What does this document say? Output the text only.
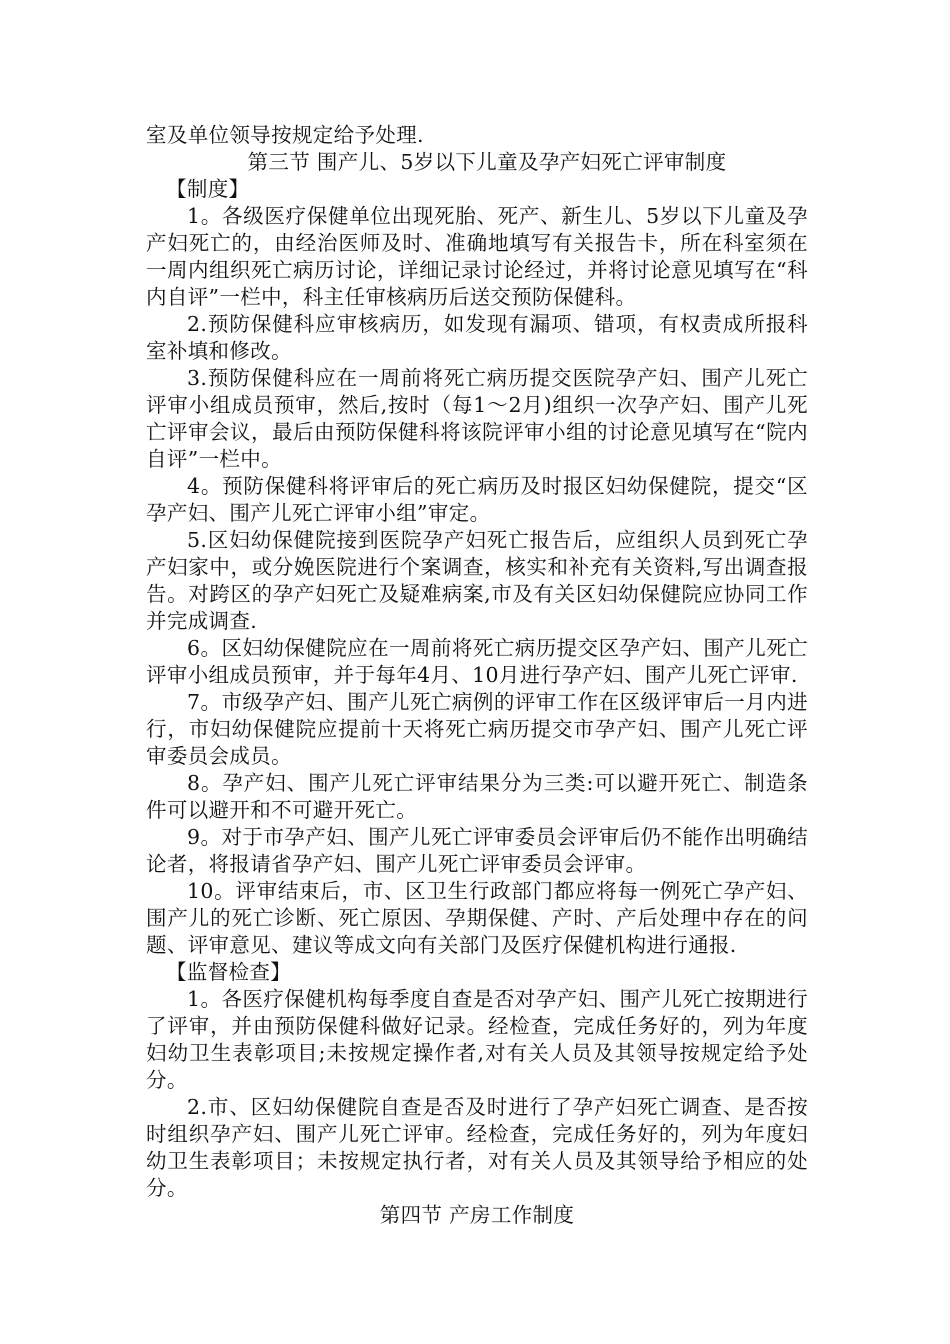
室及单位领导按规定给予处理.

第三节 围产儿、5岁以下儿童及孕产妇死亡评审制度

【制度】

1。各级医疗保健单位出现死胎、死产、新生儿、5岁以下儿童及孕产妇死亡的，由经治医师及时、准确地填写有关报告卡，所在科室须在一周内组织死亡病历讨论，详细记录讨论经过，并将讨论意见填写在“科内自评”一栏中，科主任审核病历后送交预防保健科。

2.预防保健科应审核病历，如发现有漏项、错项，有权责成所报科室补填和修改。

3.预防保健科应在一周前将死亡病历提交医院孕产妇、围产儿死亡评审小组成员预审，然后,按时（每1～2月)组织一次孕产妇、围产儿死亡评审会议，最后由预防保健科将该院评审小组的讨论意见填写在“院内自评”一栏中。

4。预防保健科将评审后的死亡病历及时报区妇幼保健院，提交“区孕产妇、围产儿死亡评审小组”审定。

5.区妇幼保健院接到医院孕产妇死亡报告后，应组织人员到死亡孕产妇家中，或分娩医院进行个案调查，核实和补充有关资料,写出调查报告。对跨区的孕产妇死亡及疑难病案,市及有关区妇幼保健院应协同工作并完成调查.

6。区妇幼保健院应在一周前将死亡病历提交区孕产妇、围产儿死亡评审小组成员预审，并于每年4月、10月进行孕产妇、围产儿死亡评审.

7。市级孕产妇、围产儿死亡病例的评审工作在区级评审后一月内进行，市妇幼保健院应提前十天将死亡病历提交市孕产妇、围产儿死亡评审委员会成员。

8。孕产妇、围产儿死亡评审结果分为三类:可以避开死亡、制造条件可以避开和不可避开死亡。

9。对于市孕产妇、围产儿死亡评审委员会评审后仍不能作出明确结论者，将报请省孕产妇、围产儿死亡评审委员会评审。

10。评审结束后，市、区卫生行政部门都应将每一例死亡孕产妇、围产儿的死亡诊断、死亡原因、孕期保健、产时、产后处理中存在的问题、评审意见、建议等成文向有关部门及医疗保健机构进行通报.

【监督检查】

1。各医疗保健机构每季度自查是否对孕产妇、围产儿死亡按期进行了评审，并由预防保健科做好记录。经检查，完成任务好的，列为年度妇幼卫生表彰项目;未按规定操作者,对有关人员及其领导按规定给予处分。

2.市、区妇幼保健院自查是否及时进行了孕产妇死亡调查、是否按时组织孕产妇、围产儿死亡评审。经检查，完成任务好的，列为年度妇幼卫生表彰项目；未按规定执行者，对有关人员及其领导给予相应的处分。

第四节 产房工作制度
